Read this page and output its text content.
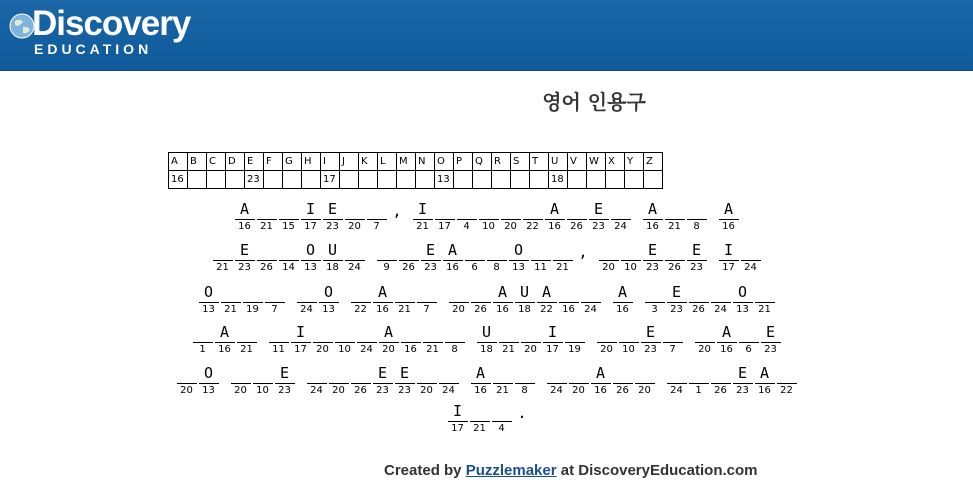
Discovery
EDUCATION
영어 인용구
A	B	C	D	E	F	G	H	I	J	K	L	M	N	O	P	Q	R	S	T	U	V	W	X	Y	Z
16				23				17						13						18					
A
16 21 15
I
17
E
23 20	7
,	I
21 17	4	10 20 22
A
16 26
E
23 24
A
16 21	8
A
16
21
E
23 26 14
O
13
U
18 24	9	26
E
23
A
16	6	8
O
13 11 21
,
20 10
E
23 26
E
23
I
17 24
O
13 21 19	7	24
O
13	22
A
16 21	7	20 26
A
16
U
18
A
22 16 24
A
16	3
E
23 26 24
O
13 21
1
A
16 21	11
I
17 20 10 24
A
20 16 21	8
U
18 21 20
I
17 19	20 10
E
23	7	20
A
16	6
E
23
20
O
13	20 10
E
23	24 20 26
E
23
E
23 20 24
A
16 21	8	24 20
A
16 26 20	24	1	26
E
23
A
16 22
I
17 21	4
.
Created by Puzzlemaker at DiscoveryEducation.com
